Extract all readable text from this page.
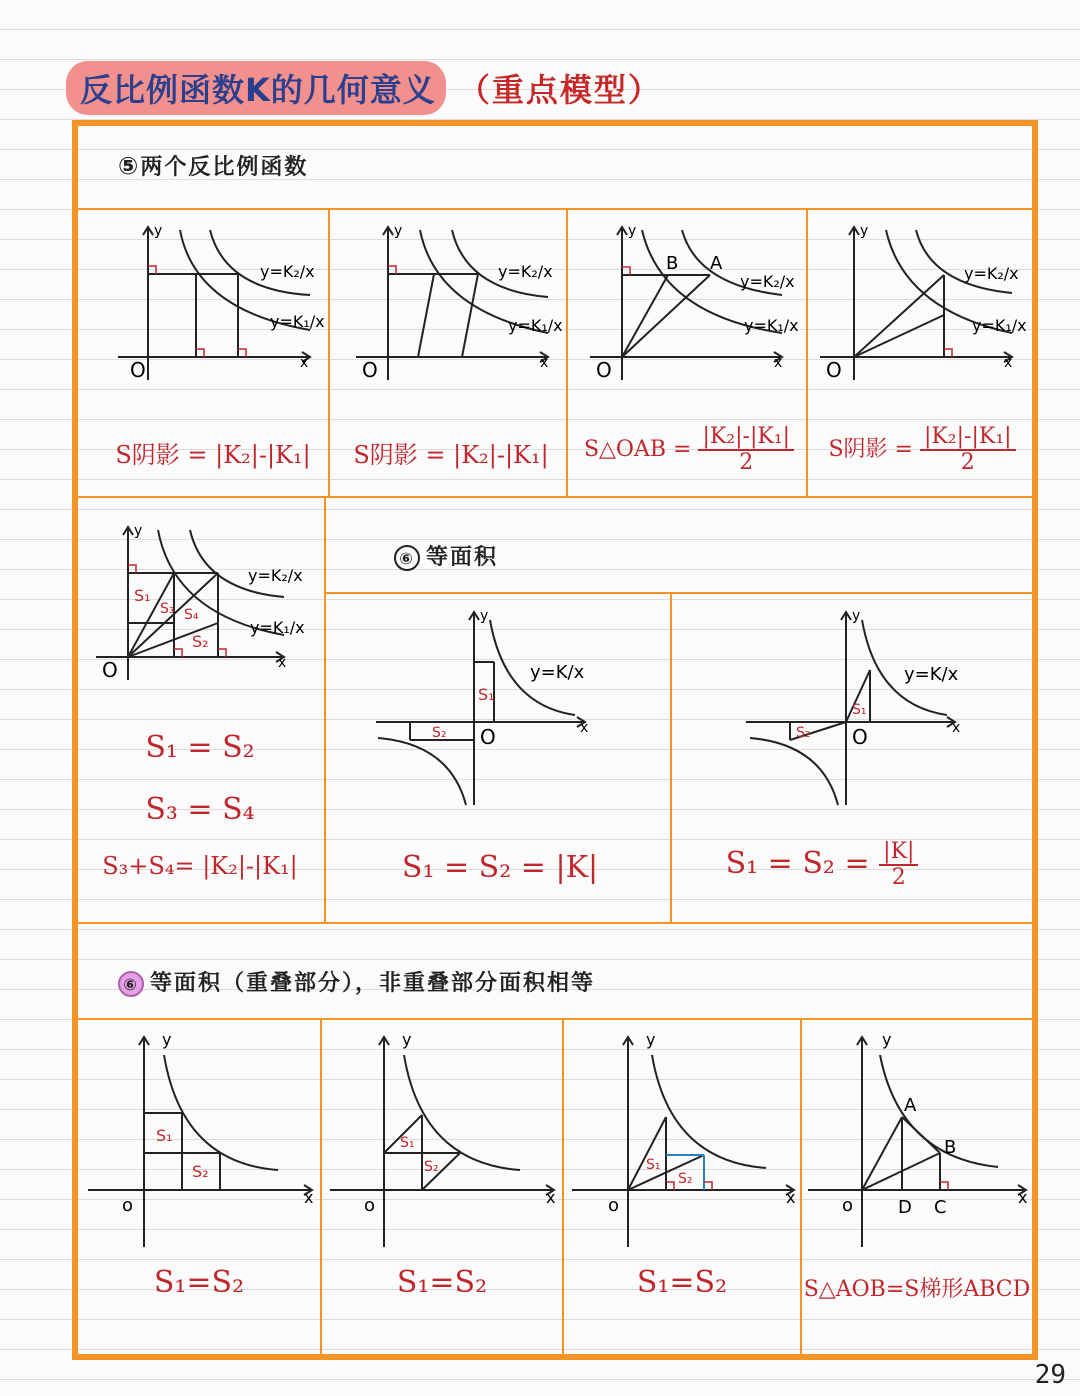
反比例函数K的几何意义 （重点模型）
⑤两个反比例函数
O	x
y
y=K₂/x
y=K₁/x
S阴影 = |K₂|-|K₁|
O	x
y
y=K₂/x
y=K₁/x
S阴影 = |K₂|-|K₁|
O	x
y
B A
y=K₂/x
y=K₁/x
S△OAB = $\frac{\text{|K₂|-|K₁|}}{2}$
O	x
y
y=K₂/x
y=K₁/x
S阴影 = $\frac{\text{|K₂|-|K₁|}}{2}$
O	x
y
S₁
S₃ S₄
S₂
y=K₂/x
y=K₁/x
S₁ = S₂
S₃ = S₄
S₃+S₄= |K₂|-|K₁|
⑥ 等面积
S₁
S₂ O	x
y
y=K/x
S₁ = S₂ = |K|
S₁
S₂ O	x
y
y=K/x
$S_1 = S_2 = \frac{|K|}{2}$
⑥ 等面积（重叠部分），非重叠部分面积相等
S₁
S₂
o	x
y
S₁=S₂
S₁
S₂
o	x
y
S₁=S₂
S₁
S₂
o	x
y
S₁=S₂
A
B
D C
o	x
y
S△AOB=S梯形ABCD
29
